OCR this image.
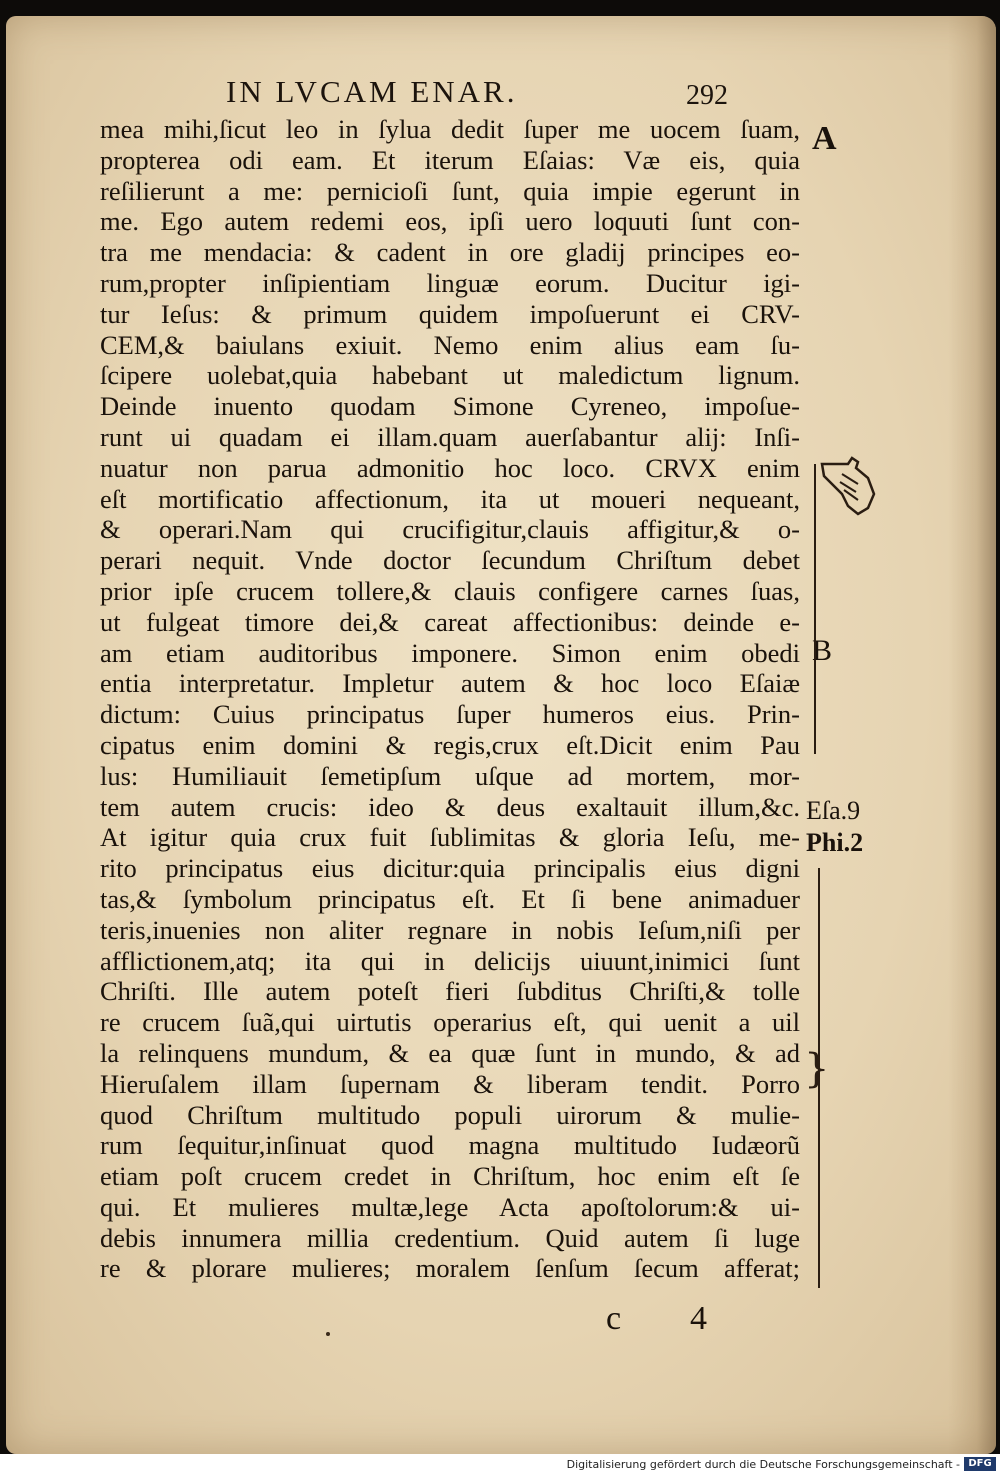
IN LVCAM ENAR.	292
mea mihi,ſicut leo in ſylua dedit ſuper me uocem ſuam,
propterea odi eam. Et iterum Eſaias: Væ eis, quia
reſilierunt a me: pernicioſi ſunt, quia impie egerunt in
me. Ego autem redemi eos, ipſi uero loquuti ſunt con-
tra me mendacia: & cadent in ore gladij principes eo-
rum,propter inſipientiam linguæ eorum. Ducitur igi-
tur Ieſus: & primum quidem impoſuerunt ei CRV-
CEM,& baiulans exiuit. Nemo enim alius eam ſu-
ſcipere uolebat,quia habebant ut maledictum lignum.
Deinde inuento quodam Simone Cyreneo, impoſue-
runt ui quadam ei illam.quam auerſabantur alij: Inſi-
nuatur non parua admonitio hoc loco. CRVX enim
eſt mortificatio affectionum, ita ut moueri nequeant,
& operari.Nam qui crucifigitur,clauis affigitur,& o-
perari nequit. Vnde doctor ſecundum Chriſtum debet
prior ipſe crucem tollere,& clauis configere carnes ſuas,
ut fulgeat timore dei,& careat affectionibus: deinde e-
am etiam auditoribus imponere. Simon enim obedi
entia interpretatur. Impletur autem & hoc loco Eſaiæ
dictum: Cuius principatus ſuper humeros eius. Prin-
cipatus enim domini & regis,crux eſt.Dicit enim Pau
lus: Humiliauit ſemetipſum uſque ad mortem, mor-
tem autem crucis: ideo & deus exaltauit illum,&c.
At igitur quia crux fuit ſublimitas & gloria Ieſu, me-
rito principatus eius dicitur:quia principalis eius digni
tas,& ſymbolum principatus eſt. Et ſi bene animaduer
teris,inuenies non aliter regnare in nobis Ieſum,niſi per
afflictionem,atq; ita qui in delicijs uiuunt,inimici ſunt
Chriſti. Ille autem poteſt fieri ſubditus Chriſti,& tolle
re crucem ſuã,qui uirtutis operarius eſt, qui uenit a uil
la relinquens mundum, & ea quæ ſunt in mundo, & ad
Hieruſalem illam ſupernam & liberam tendit. Porro
quod Chriſtum multitudo populi uirorum & mulie-
rum ſequitur,inſinuat quod magna multitudo Iudæorũ
etiam poſt crucem credet in Chriſtum, hoc enim eſt ſe
qui. Et mulieres multæ,lege Acta apoſtolorum:& ui-
debis innumera millia credentium. Quid autem ſi luge
re & plorare mulieres; moralem ſenſum ſecum afferat;
A
B
Eſa.9
Phi.2
}
c 4
Digitalisierung gefördert durch die Deutsche Forschungsgemeinschaft - DFG
